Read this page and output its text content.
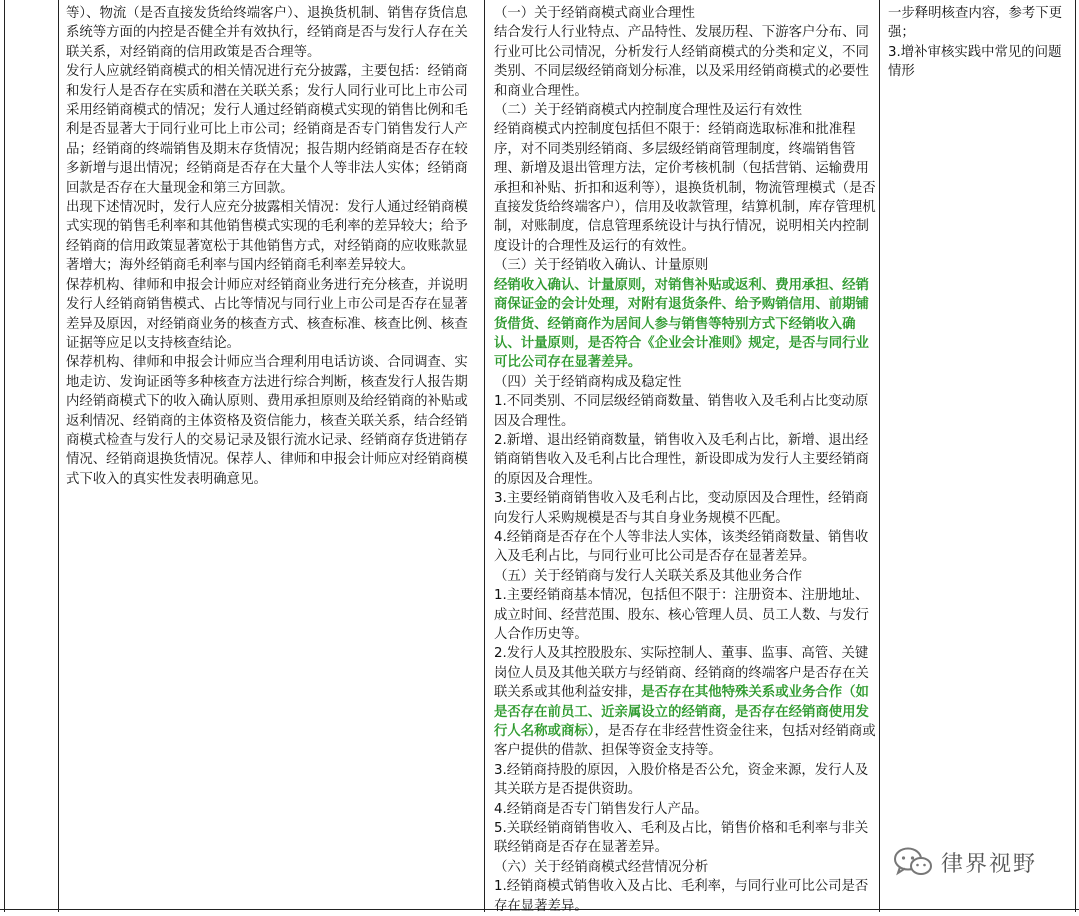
等）、物流（是否直接发货给终端客户）、退换货机制、销售存货信息系统等方面的内控是否健全并有效执行，经销商是否与发行人存在关联关系，对经销商的信用政策是否合理等。

发行人应就经销商模式的相关情况进行充分披露，主要包括：经销商和发行人是否存在实质和潜在关联关系；发行人同行业可比上市公司采用经销商模式的情况；发行人通过经销商模式实现的销售比例和毛利是否显著大于同行业可比上市公司；经销商是否专门销售发行人产品；经销商的终端销售及期末存货情况；报告期内经销商是否存在较多新增与退出情况；经销商是否存在大量个人等非法人实体；经销商回款是否存在大量现金和第三方回款。

出现下述情况时，发行人应充分披露相关情况：发行人通过经销商模式实现的销售毛利率和其他销售模式实现的毛利率的差异较大；给予经销商的信用政策显著宽松于其他销售方式，对经销商的应收账款显著增大；海外经销商毛利率与国内经销商毛利率差异较大。

保荐机构、律师和申报会计师应对经销商业务进行充分核查，并说明发行人经销商销售模式、占比等情况与同行业上市公司是否存在显著差异及原因，对经销商业务的核查方式、核查标准、核查比例、核查证据等应足以支持核查结论。

保荐机构、律师和申报会计师应当合理利用电话访谈、合同调查、实地走访、发询证函等多种核查方法进行综合判断，核查发行人报告期内经销商模式下的收入确认原则、费用承担原则及给经销商的补贴或返利情况、经销商的主体资格及资信能力，核查关联关系，结合经销商模式检查与发行人的交易记录及银行流水记录、经销商存货进销存情况、经销商退换货情况。保荐人、律师和申报会计师应对经销商模式下收入的真实性发表明确意见。

（一）关于经销商模式商业合理性

结合发行人行业特点、产品特性、发展历程、下游客户分布、同行业可比公司情况，分析发行人经销商模式的分类和定义，不同类别、不同层级经销商划分标准，以及采用经销商模式的必要性和商业合理性。

（二）关于经销商模式内控制度合理性及运行有效性

经销商模式内控制度包括但不限于：经销商选取标准和批准程序，对不同类别经销商、多层级经销商管理制度，终端销售管理、新增及退出管理方法，定价考核机制（包括营销、运输费用承担和补贴、折扣和返利等），退换货机制，物流管理模式（是否直接发货给终端客户），信用及收款管理，结算机制，库存管理机制，对账制度，信息管理系统设计与执行情况，说明相关内控制度设计的合理性及运行的有效性。

（三）关于经销收入确认、计量原则

经销收入确认、计量原则，对销售补贴或返利、费用承担、经销商保证金的会计处理，对附有退货条件、给予购销信用、前期铺货借货、经销商作为居间人参与销售等特别方式下经销收入确认、计量原则，是否符合《企业会计准则》规定，是否与同行业可比公司存在显著差异。

（四）关于经销商构成及稳定性

1.不同类别、不同层级经销商数量、销售收入及毛利占比变动原因及合理性。

2.新增、退出经销商数量，销售收入及毛利占比，新增、退出经销商销售收入及毛利占比合理性，新设即成为发行人主要经销商的原因及合理性。

3.主要经销商销售收入及毛利占比，变动原因及合理性，经销商向发行人采购规模是否与其自身业务规模不匹配。

4.经销商是否存在个人等非法人实体，该类经销商数量、销售收入及毛利占比，与同行业可比公司是否存在显著差异。

（五）关于经销商与发行人关联关系及其他业务合作

1.主要经销商基本情况，包括但不限于：注册资本、注册地址、成立时间、经营范围、股东、核心管理人员、员工人数、与发行人合作历史等。

2.发行人及其控股股东、实际控制人、董事、监事、高管、关键岗位人员及其他关联方与经销商、经销商的终端客户是否存在关联关系或其他利益安排，是否存在其他特殊关系或业务合作（如是否存在前员工、近亲属设立的经销商，是否存在经销商使用发行人名称或商标），是否存在非经营性资金往来，包括对经销商或客户提供的借款、担保等资金支持等。

3.经销商持股的原因，入股价格是否公允，资金来源，发行人及其关联方是否提供资助。

4.经销商是否专门销售发行人产品。

5.关联经销商销售收入、毛利及占比，销售价格和毛利率与非关联经销商是否存在显著差异。

（六）关于经销商模式经营情况分析

1.经销商模式销售收入及占比、毛利率，与同行业可比公司是否存在显著差异。

一步释明核查内容，参考下更强；

3.增补审核实践中常见的问题情形

律界视野
